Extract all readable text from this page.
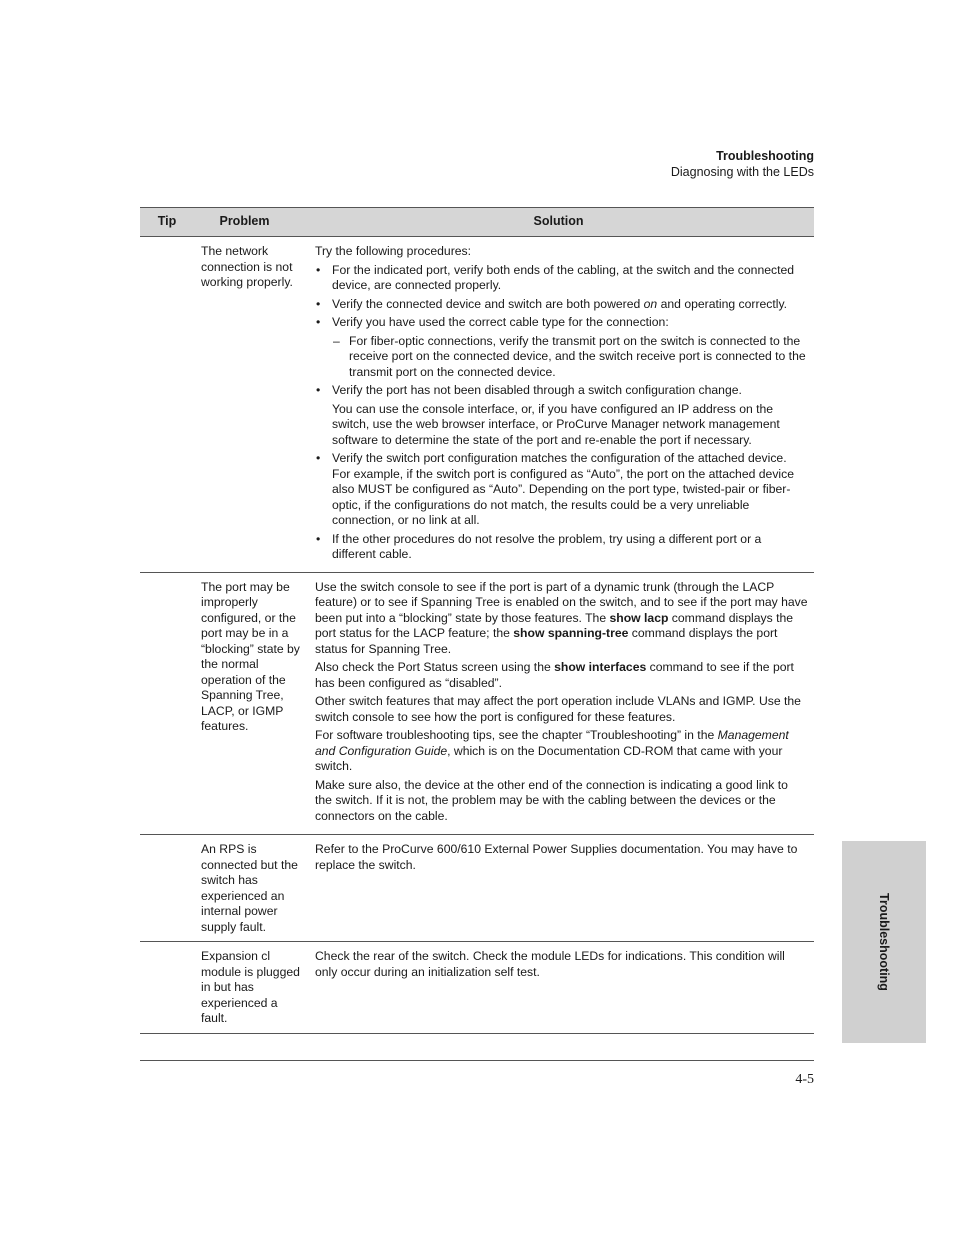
Troubleshooting
Diagnosing with the LEDs
Tip	Problem	Solution
The network connection is not working properly.

Try the following procedures:

• For the indicated port, verify both ends of the cabling, at the switch and the connected device, are connected properly.
• Verify the connected device and switch are both powered on and operating correctly.
• Verify you have used the correct cable type for the connection:
– For fiber-optic connections, verify the transmit port on the switch is connected to the receive port on the connected device, and the switch receive port is connected to the transmit port on the connected device.
• Verify the port has not been disabled through a switch configuration change.
You can use the console interface, or, if you have configured an IP address on the switch, use the web browser interface, or ProCurve Manager network management software to determine the state of the port and re-enable the port if necessary.
• Verify the switch port configuration matches the configuration of the attached device. For example, if the switch port is configured as “Auto”, the port on the attached device also MUST be configured as “Auto”. Depending on the port type, twisted-pair or fiber-optic, if the configurations do not match, the results could be a very unreliable connection, or no link at all.
• If the other procedures do not resolve the problem, try using a different port or a different cable.
The port may be improperly configured, or the port may be in a “blocking” state by the normal operation of the Spanning Tree, LACP, or IGMP features.

Use the switch console to see if the port is part of a dynamic trunk (through the LACP feature) or to see if Spanning Tree is enabled on the switch, and to see if the port may have been put into a “blocking” state by those features. The show lacp command displays the port status for the LACP feature; the show spanning-tree command displays the port status for Spanning Tree.

Also check the Port Status screen using the show interfaces command to see if the port has been configured as “disabled”.

Other switch features that may affect the port operation include VLANs and IGMP. Use the switch console to see how the port is configured for these features.

For software troubleshooting tips, see the chapter “Troubleshooting” in the Management and Configuration Guide, which is on the Documentation CD-ROM that came with your switch.

Make sure also, the device at the other end of the connection is indicating a good link to the switch. If it is not, the problem may be with the cabling between the devices or the connectors on the cable.

An RPS is connected but the switch has experienced an internal power supply fault.

Refer to the ProCurve 600/610 External Power Supplies documentation. You may have to replace the switch.

Expansion cl module is plugged in but has experienced a fault.

Check the rear of the switch. Check the module LEDs for indications. This condition will only occur during an initialization self test.

4-5
Troubleshooting
